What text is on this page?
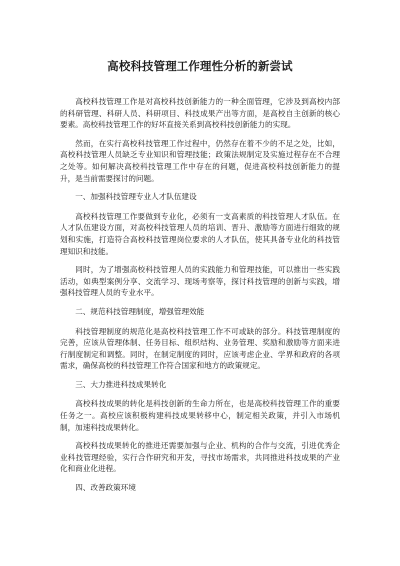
高校科技管理工作理性分析的新尝试

高校科技管理工作是对高校科技创新能力的一种全面管理，它涉及到高校内部的科研管理、科研人员、科研项目、科技成果产出等方面，是高校自主创新的核心要素。高校科技管理工作的好坏直接关系到高校科技创新能力的实现。

然而，在实行高校科技管理工作过程中，仍然存在着不少的不足之处，比如，高校科技管理人员缺乏专业知识和管理技能；政策法规制定及实施过程存在不合理之处等。如何解决高校科技管理工作中存在的问题，促进高校科技创新能力的提升，是当前需要探讨的问题。

一、加强科技管理专业人才队伍建设

高校科技管理工作要做到专业化，必须有一支高素质的科技管理人才队伍。在人才队伍建设方面，对高校科技管理人员的培训、晋升、激励等方面进行细致的规划和实施，打造符合高校科技管理岗位要求的人才队伍，使其具备专业化的科技管理知识和技能。

同时，为了增强高校科技管理人员的实践能力和管理技能，可以推出一些实践活动，如典型案例分享、交流学习、现场考察等，探讨科技管理的创新与实践，增强科技管理人员的专业水平。

二、规范科技管理制度，增强管理效能

科技管理制度的规范化是高校科技管理工作不可或缺的部分。科技管理制度的完善，应该从管理体制、任务目标、组织结构、业务管理、奖励和激励等方面来进行制度制定和调整。同时，在制定制度的同时，应该考虑企业、学界和政府的各项需求，确保高校的科技管理工作符合国家和地方的政策规定。

三、大力推进科技成果转化

高校科技成果的转化是科技创新的生命力所在，也是高校科技管理工作的重要任务之一。高校应该积极构建科技成果转移中心，制定相关政策，并引入市场机制，加速科技成果转化。

高校科技成果转化的推进还需要加强与企业、机构的合作与交流，引进优秀企业科技管理经验，实行合作研究和开发，寻找市场需求，共同推进科技成果的产业化和商业化进程。

四、改善政策环境
